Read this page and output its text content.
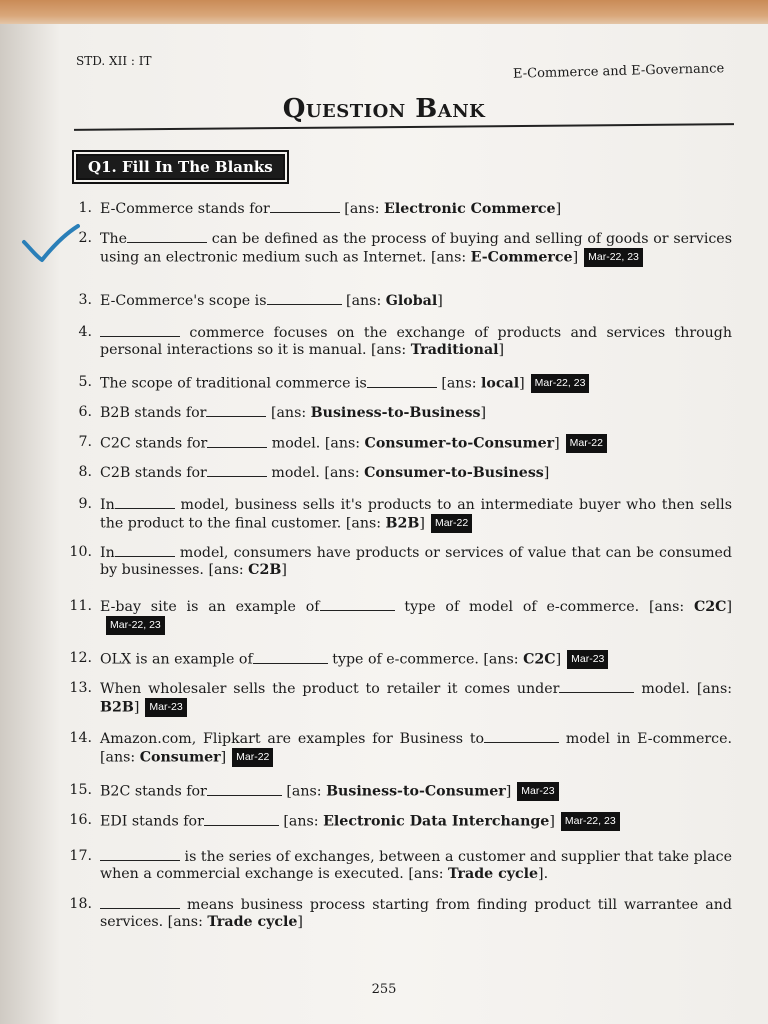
STD. XII : IT
E-Commerce and E-Governance
Question Bank
Q1. Fill In The Blanks
1. E-Commerce stands for	[ans: Electronic Commerce]
2. The	can be defined as the process of buying and selling of goods or services using an electronic medium such as Internet. [ans: E-Commerce] Mar-22, 23
3. E-Commerce's scope is	[ans: Global]
4.	commerce focuses on the exchange of products and services through personal interactions so it is manual. [ans: Traditional]
5. The scope of traditional commerce is	[ans: local] Mar-22, 23
6. B2B stands for	[ans: Business-to-Business]
7. C2C stands for	model. [ans: Consumer-to-Consumer] Mar-22
8. C2B stands for	model. [ans: Consumer-to-Business]
9. In	model, business sells it's products to an intermediate buyer who then sells the product to the final customer. [ans: B2B] Mar-22
10. In	model, consumers have products or services of value that can be consumed by businesses. [ans: C2B]
11. E-bay site is an example of	type of model of e-commerce. [ans: C2C]Mar-22, 23
12. OLX is an example of	type of e-commerce. [ans: C2C] Mar-23
13. When wholesaler sells the product to retailer it comes under	model. [ans: B2B] Mar-23
14. Amazon.com, Flipkart are examples for Business to	model in E-commerce. [ans: Consumer] Mar-22
15. B2C stands for	[ans: Business-to-Consumer] Mar-23
16. EDI stands for	[ans: Electronic Data Interchange] Mar-22, 23
17.	is the series of exchanges, between a customer and supplier that take place when a commercial exchange is executed. [ans: Trade cycle].
18.	means business process starting from finding product till warrantee and services. [ans: Trade cycle]
255
